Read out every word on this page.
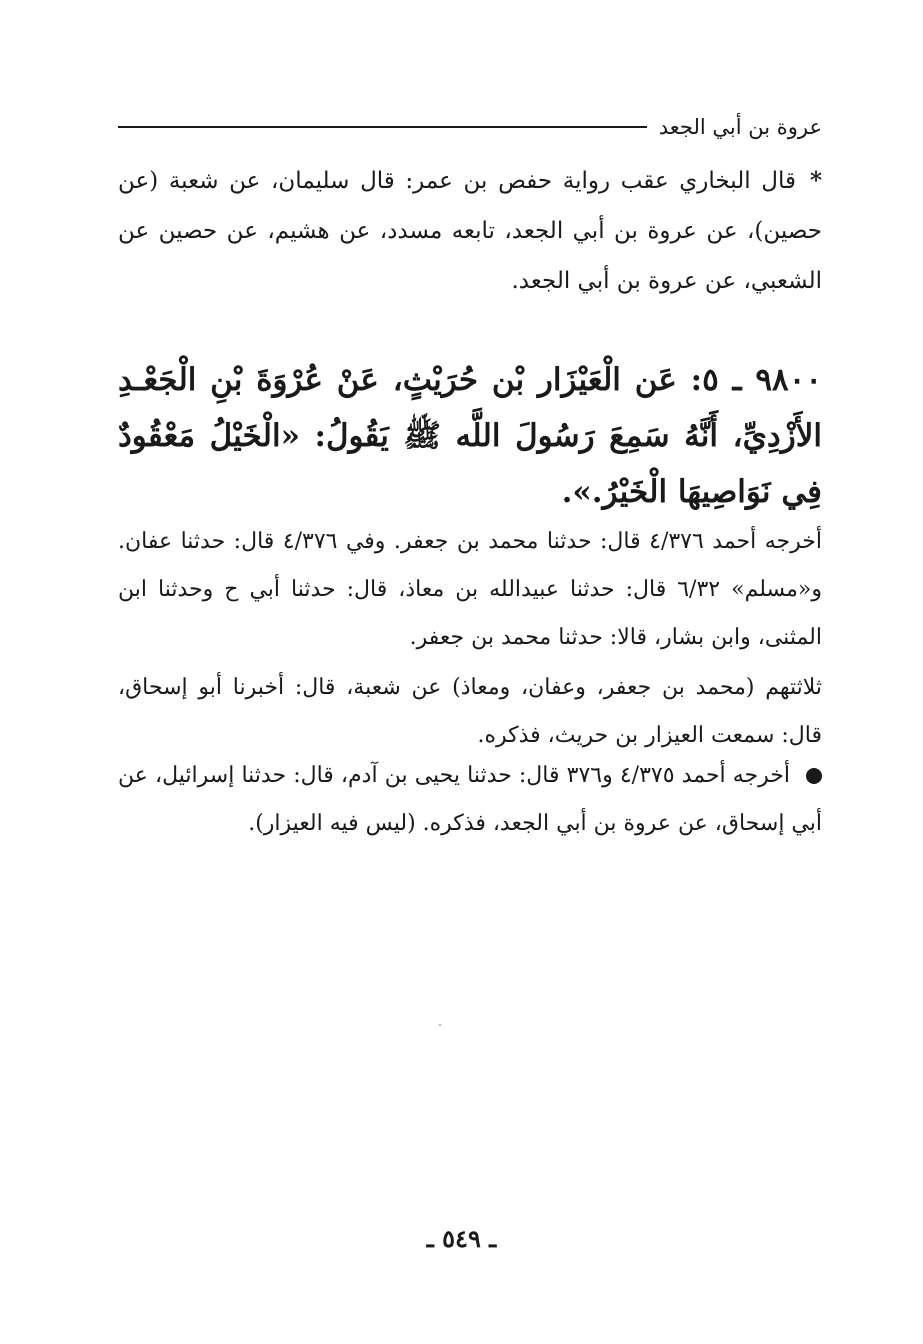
عروة بن أبي الجعد
*قال البخاري عقب رواية حفص بن عمر: قال سليمان، عن شعبة (عن حصين)، عن عروة بن أبي الجعد، تابعه مسدد، عن هشيم، عن حصين عن الشعبي، عن عروة بن أبي الجعد.
٩٨٠٠ ـ ٥: عَن الْعَيْزَار بْن حُرَيْثٍ، عَنْ عُرْوَةَ بْنِ الْجَعْـدِ الأَزْدِيِّ، أَنَّهُ سَمِعَ رَسُولَ اللَّه ﷺ يَقُولُ: «الْخَيْلُ مَعْقُودٌ فِي نَوَاصِيهَا الْخَيْرُ.».
أخرجه أحمد ٤/٣٧٦ قال: حدثنا محمد بن جعفر. وفي ٤/٣٧٦ قال: حدثنا عفان. و«مسلم» ٦/٣٢ قال: حدثنا عبيدالله بن معاذ، قال: حدثنا أبي ح وحدثنا ابن المثنى، وابن بشار، قالا: حدثنا محمد بن جعفر.
ثلاثتهم (محمد بن جعفر، وعفان، ومعاذ) عن شعبة، قال: أخبرنا أبو إسحاق، قال: سمعت العيزار بن حريث، فذكره.
أخرجه أحمد ٤/٣٧٥ و٣٧٦ قال: حدثنا يحيى بن آدم، قال: حدثنا إسرائيل، عن أبي إسحاق، عن عروة بن أبي الجعد، فذكره. (ليس فيه العيزار).
ـ ٥٤٩ ـ
